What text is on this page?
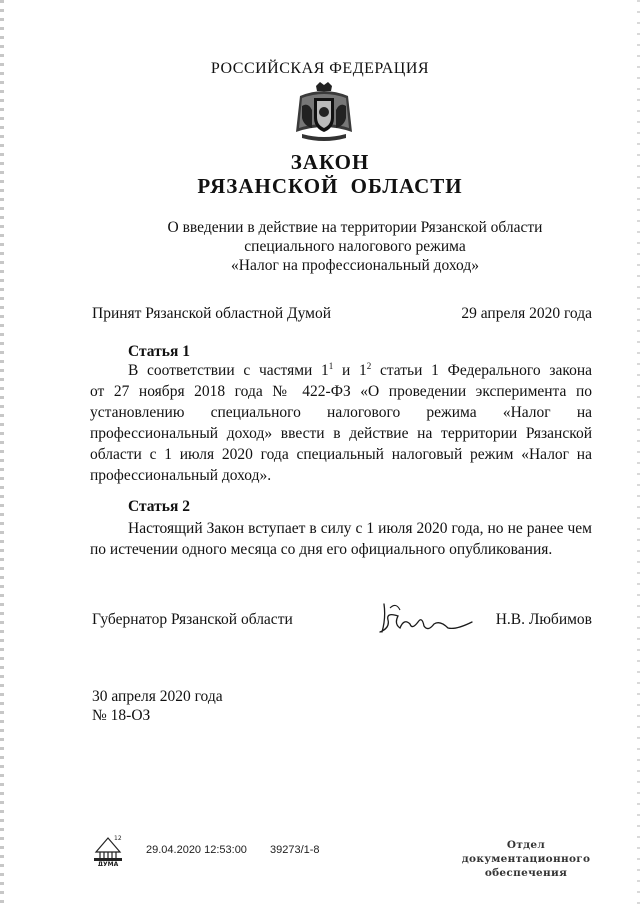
РОССИЙСКАЯ ФЕДЕРАЦИЯ
ЗАКОН
РЯЗАНСКОЙ ОБЛАСТИ
О введении в действие на территории Рязанской области
специального налогового режима
«Налог на профессиональный доход»
Принят Рязанской областной Думой	29 апреля 2020 года
Статья 1
В соответствии с частями $1^1$ и $1^2$ статьи 1 Федерального закона
от 27 ноября 2018 года № 422-ФЗ «О проведении эксперимента по
установлению специального налогового режима «Налог на
профессиональный доход» ввести в действие на территории Рязанской
области с 1 июля 2020 года специальный налоговый режим «Налог на
профессиональный доход».
Статья 2
Настоящий Закон вступает в силу с 1 июля 2020 года, но не ранее чем
по истечении одного месяца со дня его официального опубликования.
Губернатор Рязанской области	Н.В. Любимов
30 апреля 2020 года
№ 18-ОЗ
12
ДУМА
29.04.2020 12:53:00 39273/1-8	Отдел документационного
обеспечения
